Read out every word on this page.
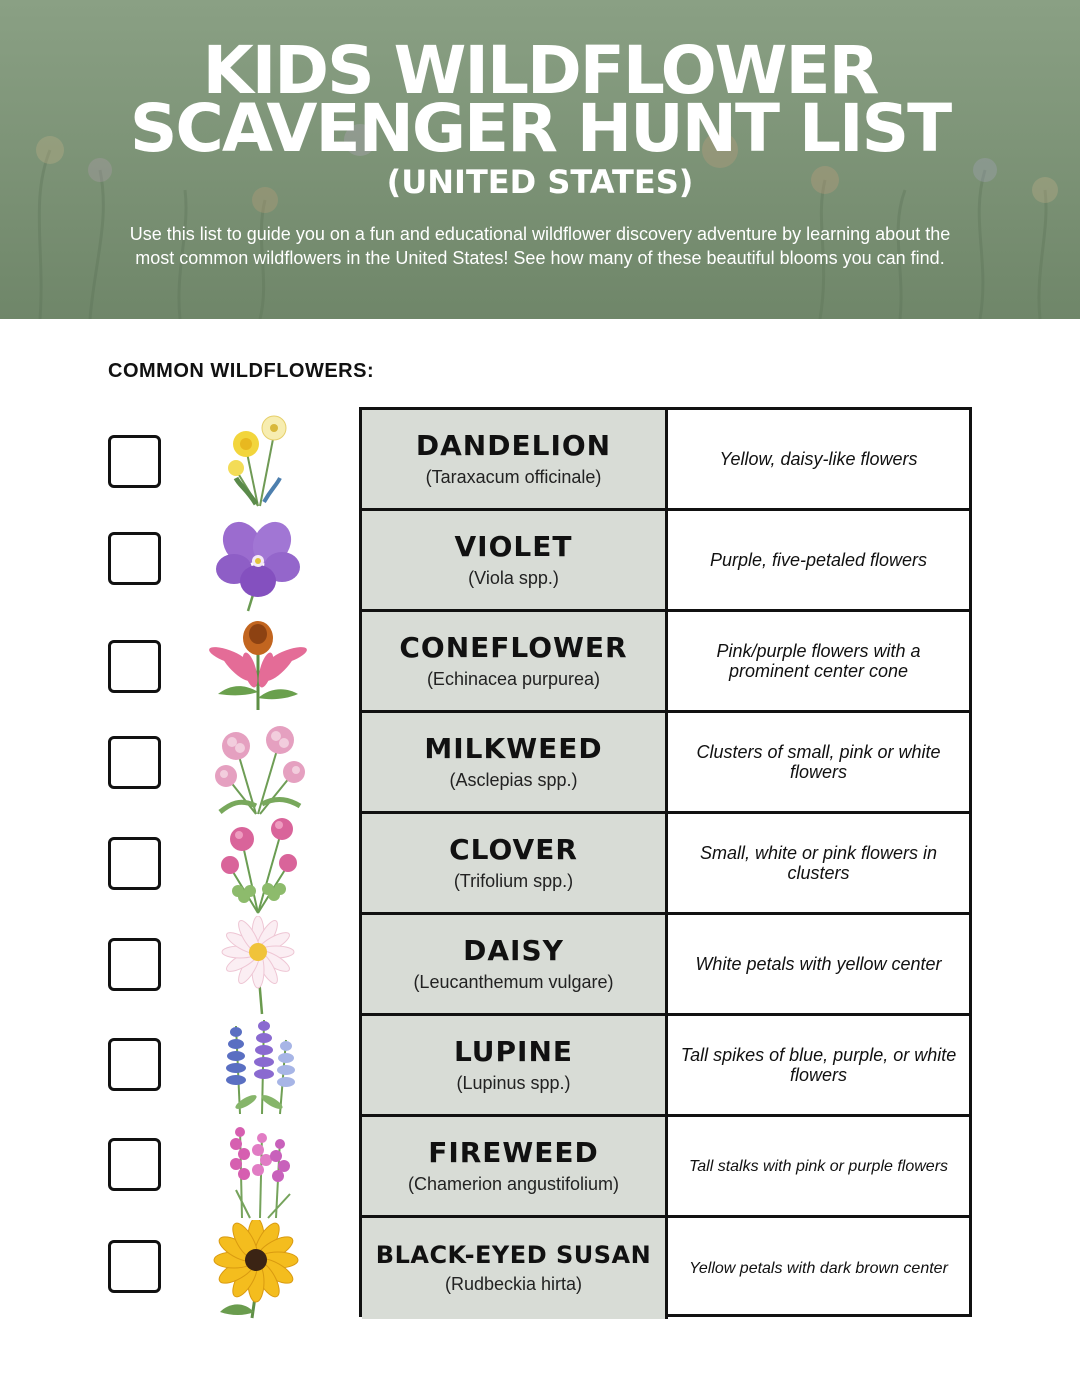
KIDS WILDFLOWER
SCAVENGER HUNT LIST
(UNITED STATES)
Use this list to guide you on a fun and educational wildflower discovery adventure by learning about the most common wildflowers in the United States! See how many of these beautiful blooms you can find.
COMMON WILDFLOWERS:
DANDELION
(Taraxacum officinale)
Yellow, daisy-like flowers
VIOLET
(Viola spp.)
Purple, five-petaled flowers
CONEFLOWER
(Echinacea purpurea)
Pink/purple flowers with a prominent center cone
MILKWEED
(Asclepias spp.)
Clusters of small, pink or white flowers
CLOVER
(Trifolium spp.)
Small, white or pink flowers in clusters
DAISY
(Leucanthemum vulgare)
White petals with yellow center
LUPINE
(Lupinus spp.)
Tall spikes of blue, purple, or white flowers
FIREWEED
(Chamerion angustifolium)
Tall stalks with pink or purple flowers
BLACK-EYED SUSAN
(Rudbeckia hirta)
Yellow petals with dark brown center
